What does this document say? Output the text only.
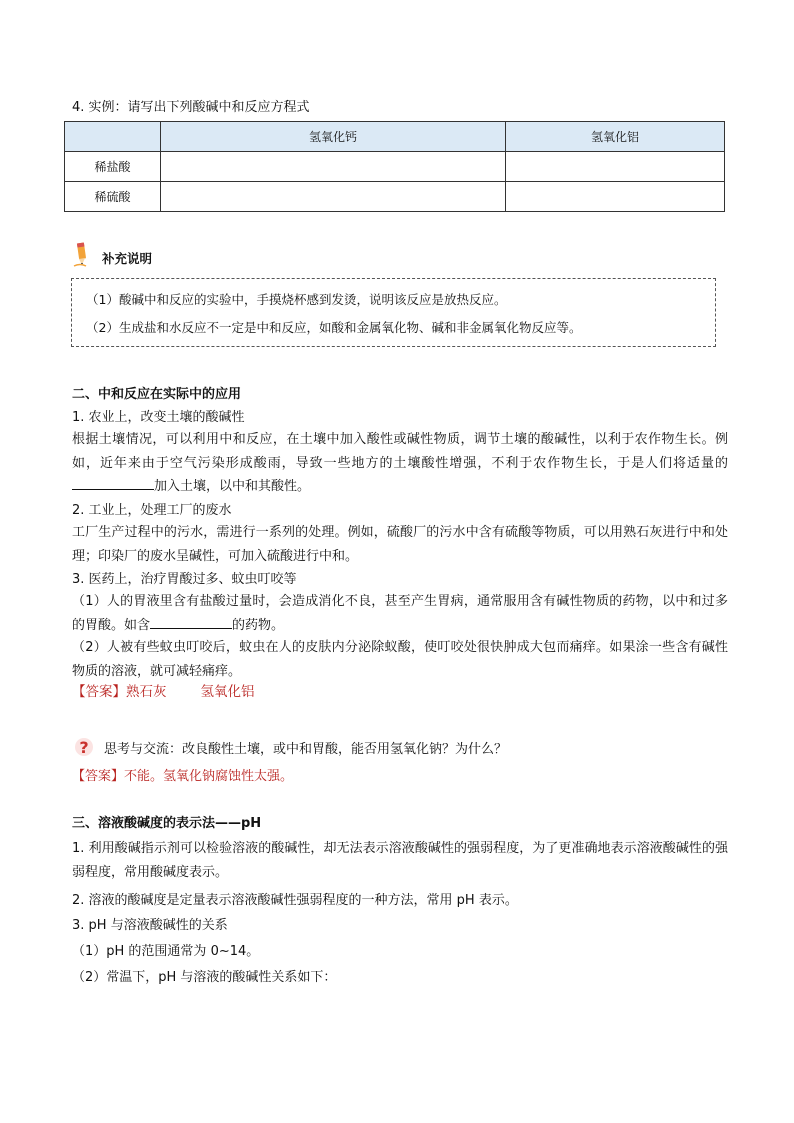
4. 实例：请写出下列酸碱中和反应方程式
	氢氧化钙	氢氧化铝
稀盐酸		
稀硫酸		
补充说明
（1）酸碱中和反应的实验中，手摸烧杯感到发烫，说明该反应是放热反应。
（2）生成盐和水反应不一定是中和反应，如酸和金属氧化物、碱和非金属氧化物反应等。
二、中和反应在实际中的应用
1. 农业上，改变土壤的酸碱性
根据土壤情况，可以利用中和反应，在土壤中加入酸性或碱性物质，调节土壤的酸碱性，以利于农作物生长。例如，近年来由于空气污染形成酸雨，导致一些地方的土壤酸性增强，不利于农作物生长，于是人们将适量的加入土壤，以中和其酸性。
2. 工业上，处理工厂的废水
工厂生产过程中的污水，需进行一系列的处理。例如，硫酸厂的污水中含有硫酸等物质，可以用熟石灰进行中和处理；印染厂的废水呈碱性，可加入硫酸进行中和。
3. 医药上，治疗胃酸过多、蚊虫叮咬等
（1）人的胃液里含有盐酸过量时，会造成消化不良，甚至产生胃病，通常服用含有碱性物质的药物，以中和过多的胃酸。如含	的药物。
（2）人被有些蚊虫叮咬后，蚊虫在人的皮肤内分泌除蚁酸，使叮咬处很快肿成大包而痛痒。如果涂一些含有碱性物质的溶液，就可减轻痛痒。
【答案】熟石灰	氢氧化铝
? 思考与交流：改良酸性土壤，或中和胃酸，能否用氢氧化钠？为什么？
【答案】不能。氢氧化钠腐蚀性太强。
三、溶液酸碱度的表示法——pH
1. 利用酸碱指示剂可以检验溶液的酸碱性，却无法表示溶液酸碱性的强弱程度，为了更准确地表示溶液酸碱性的强弱程度，常用酸碱度表示。
2. 溶液的酸碱度是定量表示溶液酸碱性强弱程度的一种方法，常用 pH 表示。
3. pH 与溶液酸碱性的关系
（1）pH 的范围通常为 0~14。
（2）常温下，pH 与溶液的酸碱性关系如下：
